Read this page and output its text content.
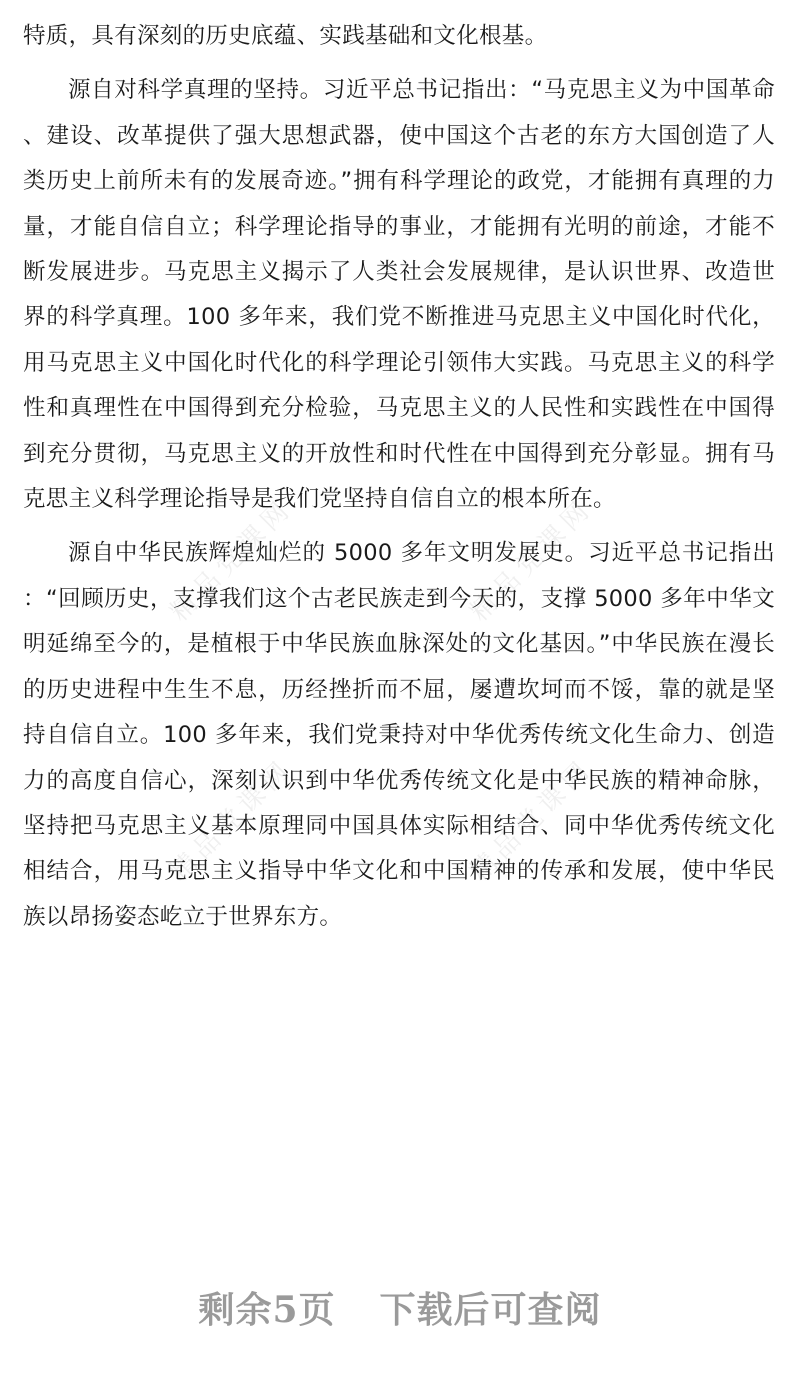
精品党课网	精品党课网
精品党课网	精品党课网

特质，具有深刻的历史底蕴、实践基础和文化根基。

源自对科学真理的坚持。习近平总书记指出：“马克思主义为中国革命、建设、改革提供了强大思想武器，使中国这个古老的东方大国创造了人类历史上前所未有的发展奇迹。”拥有科学理论的政党，才能拥有真理的力量，才能自信自立；科学理论指导的事业，才能拥有光明的前途，才能不断发展进步。马克思主义揭示了人类社会发展规律，是认识世界、改造世界的科学真理。100 多年来，我们党不断推进马克思主义中国化时代化，用马克思主义中国化时代化的科学理论引领伟大实践。马克思主义的科学性和真理性在中国得到充分检验，马克思主义的人民性和实践性在中国得到充分贯彻，马克思主义的开放性和时代性在中国得到充分彰显。拥有马克思主义科学理论指导是我们党坚持自信自立的根本所在。

源自中华民族辉煌灿烂的 5000 多年文明发展史。习近平总书记指出：“回顾历史，支撑我们这个古老民族走到今天的，支撑 5000 多年中华文明延绵至今的，是植根于中华民族血脉深处的文化基因。”中华民族在漫长的历史进程中生生不息，历经挫折而不屈，屡遭坎坷而不馁，靠的就是坚持自信自立。100 多年来，我们党秉持对中华优秀传统文化生命力、创造力的高度自信心，深刻认识到中华优秀传统文化是中华民族的精神命脉，坚持把马克思主义基本原理同中国具体实际相结合、同中华优秀传统文化相结合，用马克思主义指导中华文化和中国精神的传承和发展，使中华民族以昂扬姿态屹立于世界东方。

剩余5页 下载后可查阅
